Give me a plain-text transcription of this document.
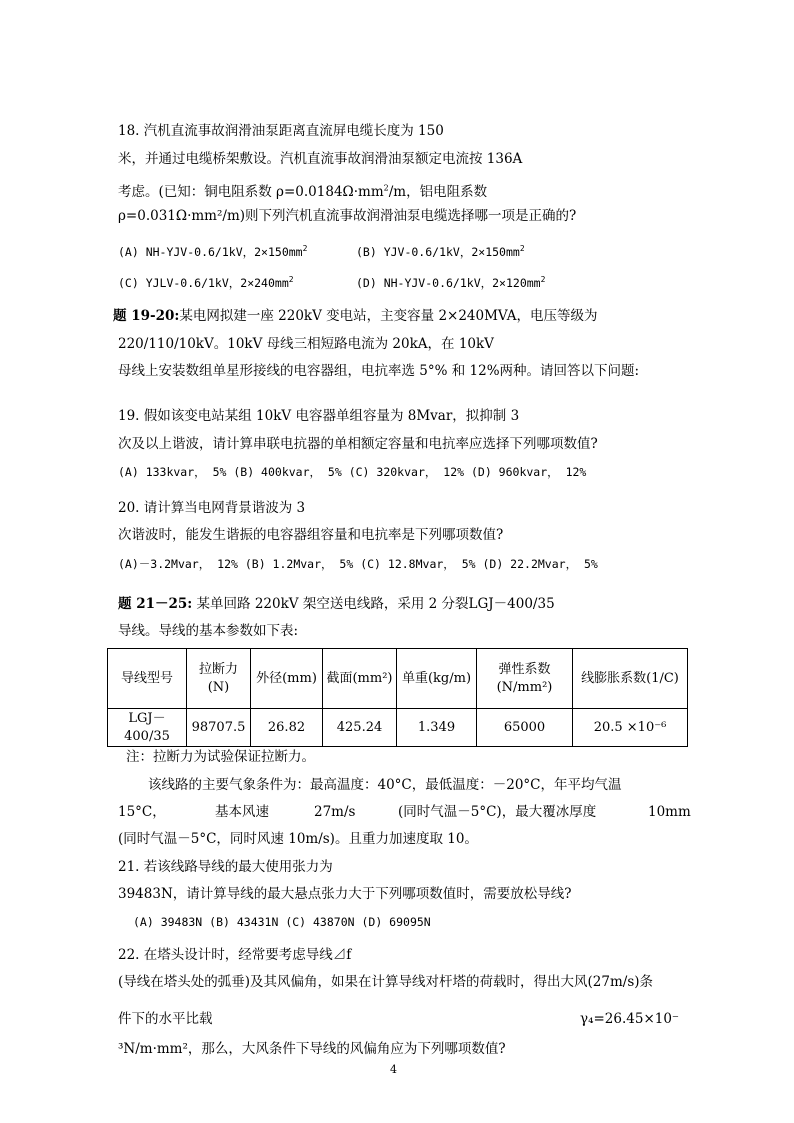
18. 汽机直流事故润滑油泵距离直流屏电缆长度为 150
米，并通过电缆桥架敷设。汽机直流事故润滑油泵额定电流按 136A
考虑。(已知：铜电阻系数 $\rho=0.0184\Omega\cdot mm^2/m$，铝电阻系数
ρ=0.031Ω·mm²/m)则下列汽机直流事故润滑油泵电缆选择哪一项是正确的?
(A) NH-YJV-0.6/1kV，$2\times 150mm^2$	(B) YJV-0.6/1kV，$2\times 150mm^2$
(C) YJLV-0.6/1kV，$2\times 240mm^2$	(D) NH-YJV-0.6/1kV，$2\times 120mm^2$
题 19-20:某电网拟建一座 220kV 变电站，主变容量 2×240MVA，电压等级为
220/110/10kV。10kV 母线三相短路电流为 20kA，在 10kV
母线上安装数组单星形接线的电容器组，电抗率选 5°% 和 12%两种。请回答以下问题:
19. 假如该变电站某组 10kV 电容器单组容量为 8Mvar，拟抑制 3
次及以上谐波，请计算串联电抗器的单相额定容量和电抗率应选择下列哪项数值?
(A) 133kvar， 5% (B) 400kvar， 5% (C) 320kvar， 12% (D) 960kvar， 12%
20. 请计算当电网背景谐波为 3
次谐波时，能发生谐振的电容器组容量和电抗率是下列哪项数值?
(A)－3.2Mvar， 12% (B) 1.2Mvar， 5% (C) 12.8Mvar， 5% (D) 22.2Mvar， 5%
题 21－25: 某单回路 220kV 架空送电线路，采用 2 分裂LGJ－400/35
导线。导线的基本参数如下表:
导线型号	拉断力(N)	外径(mm)	截面(mm²)	单重(kg/m)	弹性系数(N/mm²)	线膨胀系数(1/C)
LGJ－400/35	98707.5	26.82	425.24	1.349	65000	20.5 ×10⁻⁶
注：拉断力为试验保证拉断力。
该线路的主要气象条件为：最高温度：40°C，最低温度：－20°C，年平均气温
15°C，	基本风速	27m/s	(同时气温－5°C)，最大覆冰厚度	10mm
(同时气温－5°C，同时风速 10m/s)。且重力加速度取 10。
21. 若该线路导线的最大使用张力为
39483N，请计算导线的最大悬点张力大于下列哪项数值时，需要放松导线?
(A) 39483N (B) 43431N (C) 43870N (D) 69095N
22. 在塔头设计时，经常要考虑导线⊿f
(导线在塔头处的弧垂)及其风偏角，如果在计算导线对杆塔的荷载时，得出大风(27m/s)条
件下的水平比载	γ₄=26.45×10⁻
³N/m·mm²，那么，大风条件下导线的风偏角应为下列哪项数值?
4
